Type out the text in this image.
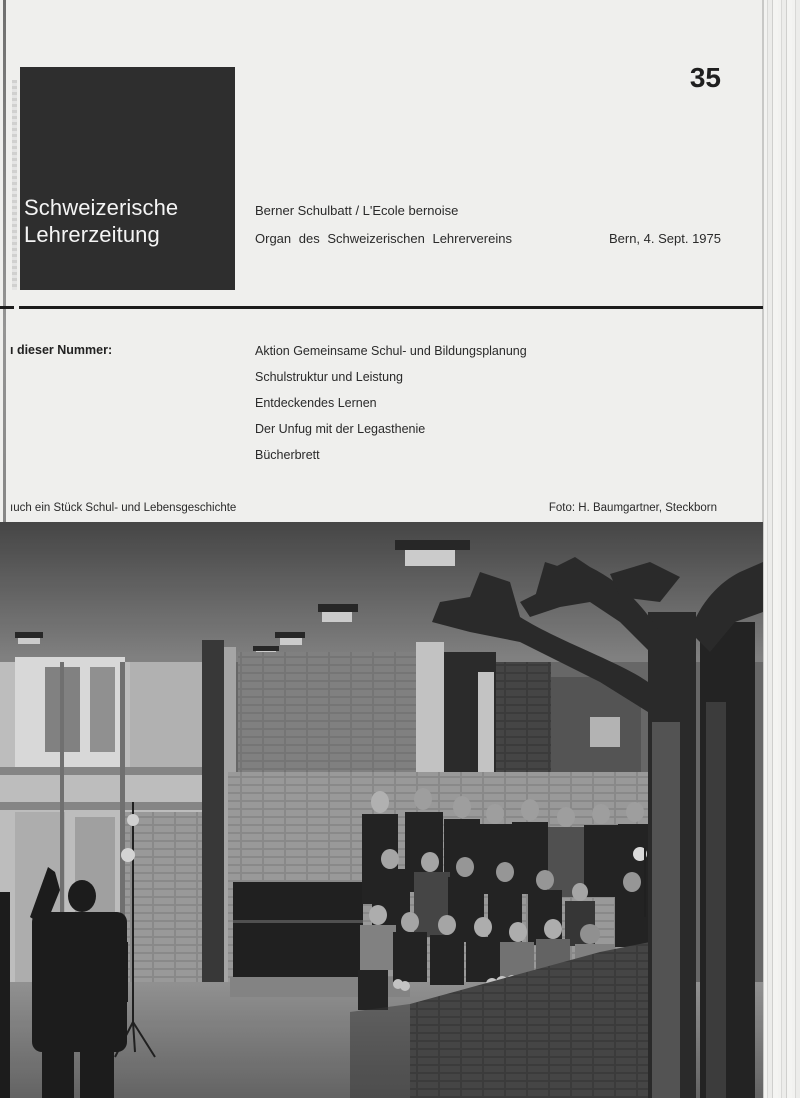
Schweizerische
Lehrerzeitung
35
Berner Schulbatt / L'Ecole bernoise
Organ des Schweizerischen Lehrervereins	Bern, 4. Sept. 1975
ı dieser Nummer:	Aktion Gemeinsame Schul- und Bildungsplanung
Schulstruktur und Leistung
Entdeckendes Lernen
Der Unfug mit der Legasthenie
Bücherbrett
ıuch ein Stück Schul- und Lebensgeschichte	Foto: H. Baumgartner, Steckborn
